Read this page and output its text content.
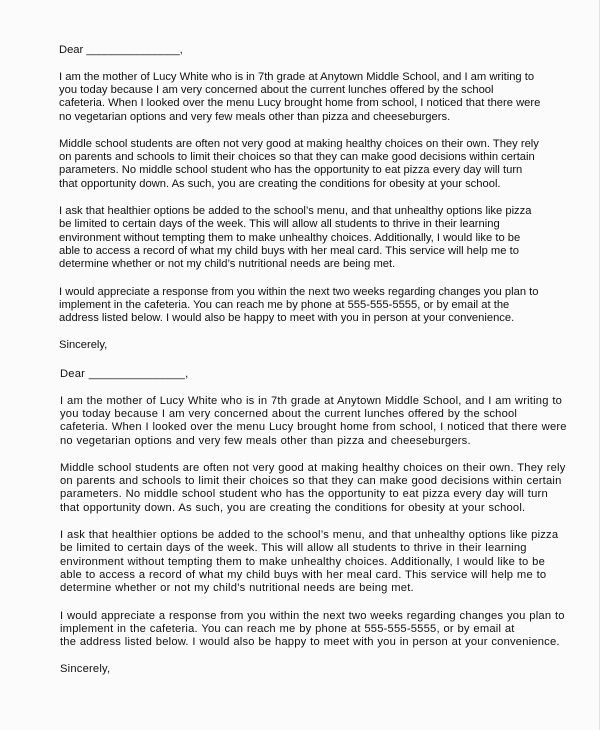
Dear _______________,

I am the mother of Lucy White who is in 7th grade at Anytown Middle School, and I am writing to

you today because I am very concerned about the current lunches offered by the school

cafeteria. When I looked over the menu Lucy brought home from school, I noticed that there were

no vegetarian options and very few meals other than pizza and cheeseburgers.

Middle school students are often not very good at making healthy choices on their own. They rely

on parents and schools to limit their choices so that they can make good decisions within certain

parameters. No middle school student who has the opportunity to eat pizza every day will turn

that opportunity down. As such, you are creating the conditions for obesity at your school.

I ask that healthier options be added to the school’s menu, and that unhealthy options like pizza

be limited to certain days of the week. This will allow all students to thrive in their learning

environment without tempting them to make unhealthy choices. Additionally, I would like to be

able to access a record of what my child buys with her meal card. This service will help me to

determine whether or not my child’s nutritional needs are being met.

I would appreciate a response from you within the next two weeks regarding changes you plan to

implement in the cafeteria. You can reach me by phone at 555-555-5555, or by email at the

address listed below. I would also be happy to meet with you in person at your convenience.

Sincerely,

Dear _______________,

I am the mother of Lucy White who is in 7th grade at Anytown Middle School, and I am writing to

you today because I am very concerned about the current lunches offered by the school

cafeteria. When I looked over the menu Lucy brought home from school, I noticed that there were

no vegetarian options and very few meals other than pizza and cheeseburgers.

Middle school students are often not very good at making healthy choices on their own. They rely

on parents and schools to limit their choices so that they can make good decisions within certain

parameters. No middle school student who has the opportunity to eat pizza every day will turn

that opportunity down. As such, you are creating the conditions for obesity at your school.

I ask that healthier options be added to the school’s menu, and that unhealthy options like pizza

be limited to certain days of the week. This will allow all students to thrive in their learning

environment without tempting them to make unhealthy choices. Additionally, I would like to be

able to access a record of what my child buys with her meal card. This service will help me to

determine whether or not my child’s nutritional needs are being met.

I would appreciate a response from you within the next two weeks regarding changes you plan to

implement in the cafeteria. You can reach me by phone at 555-555-5555, or by email at

the address listed below. I would also be happy to meet with you in person at your convenience.

Sincerely,
